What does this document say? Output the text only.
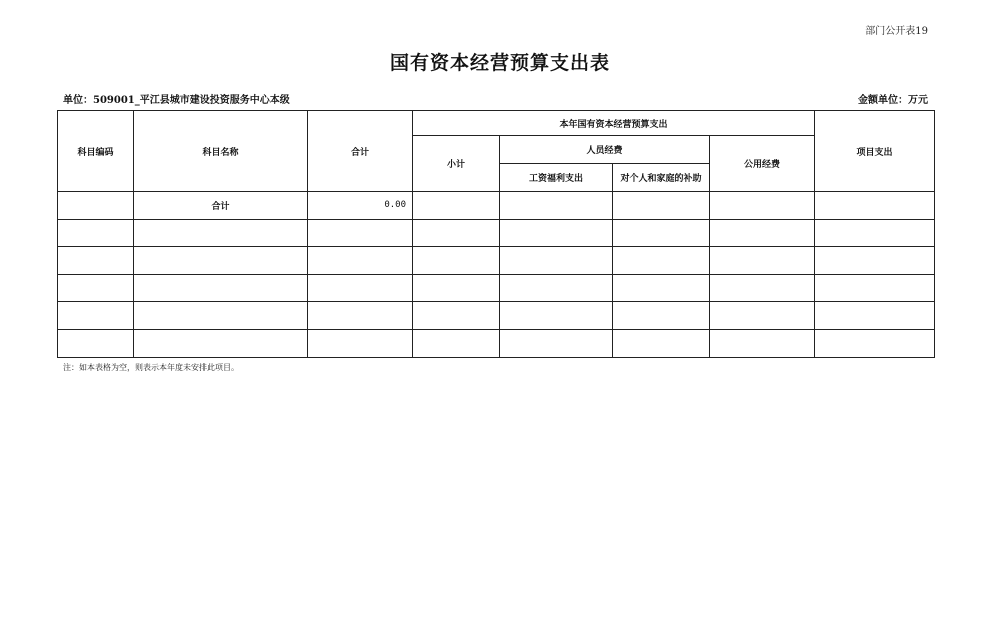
部门公开表19
国有资本经营预算支出表
单位：509001_平江县城市建设投资服务中心本级	金额单位：万元
科目编码	科目名称	合计	本年国有资本经营预算支出				项目支出
			小计	人员经费		公用经费	
				工资福利支出	对个人和家庭的补助		
	合计	0.00					

注：如本表格为空，则表示本年度未安排此项目。
